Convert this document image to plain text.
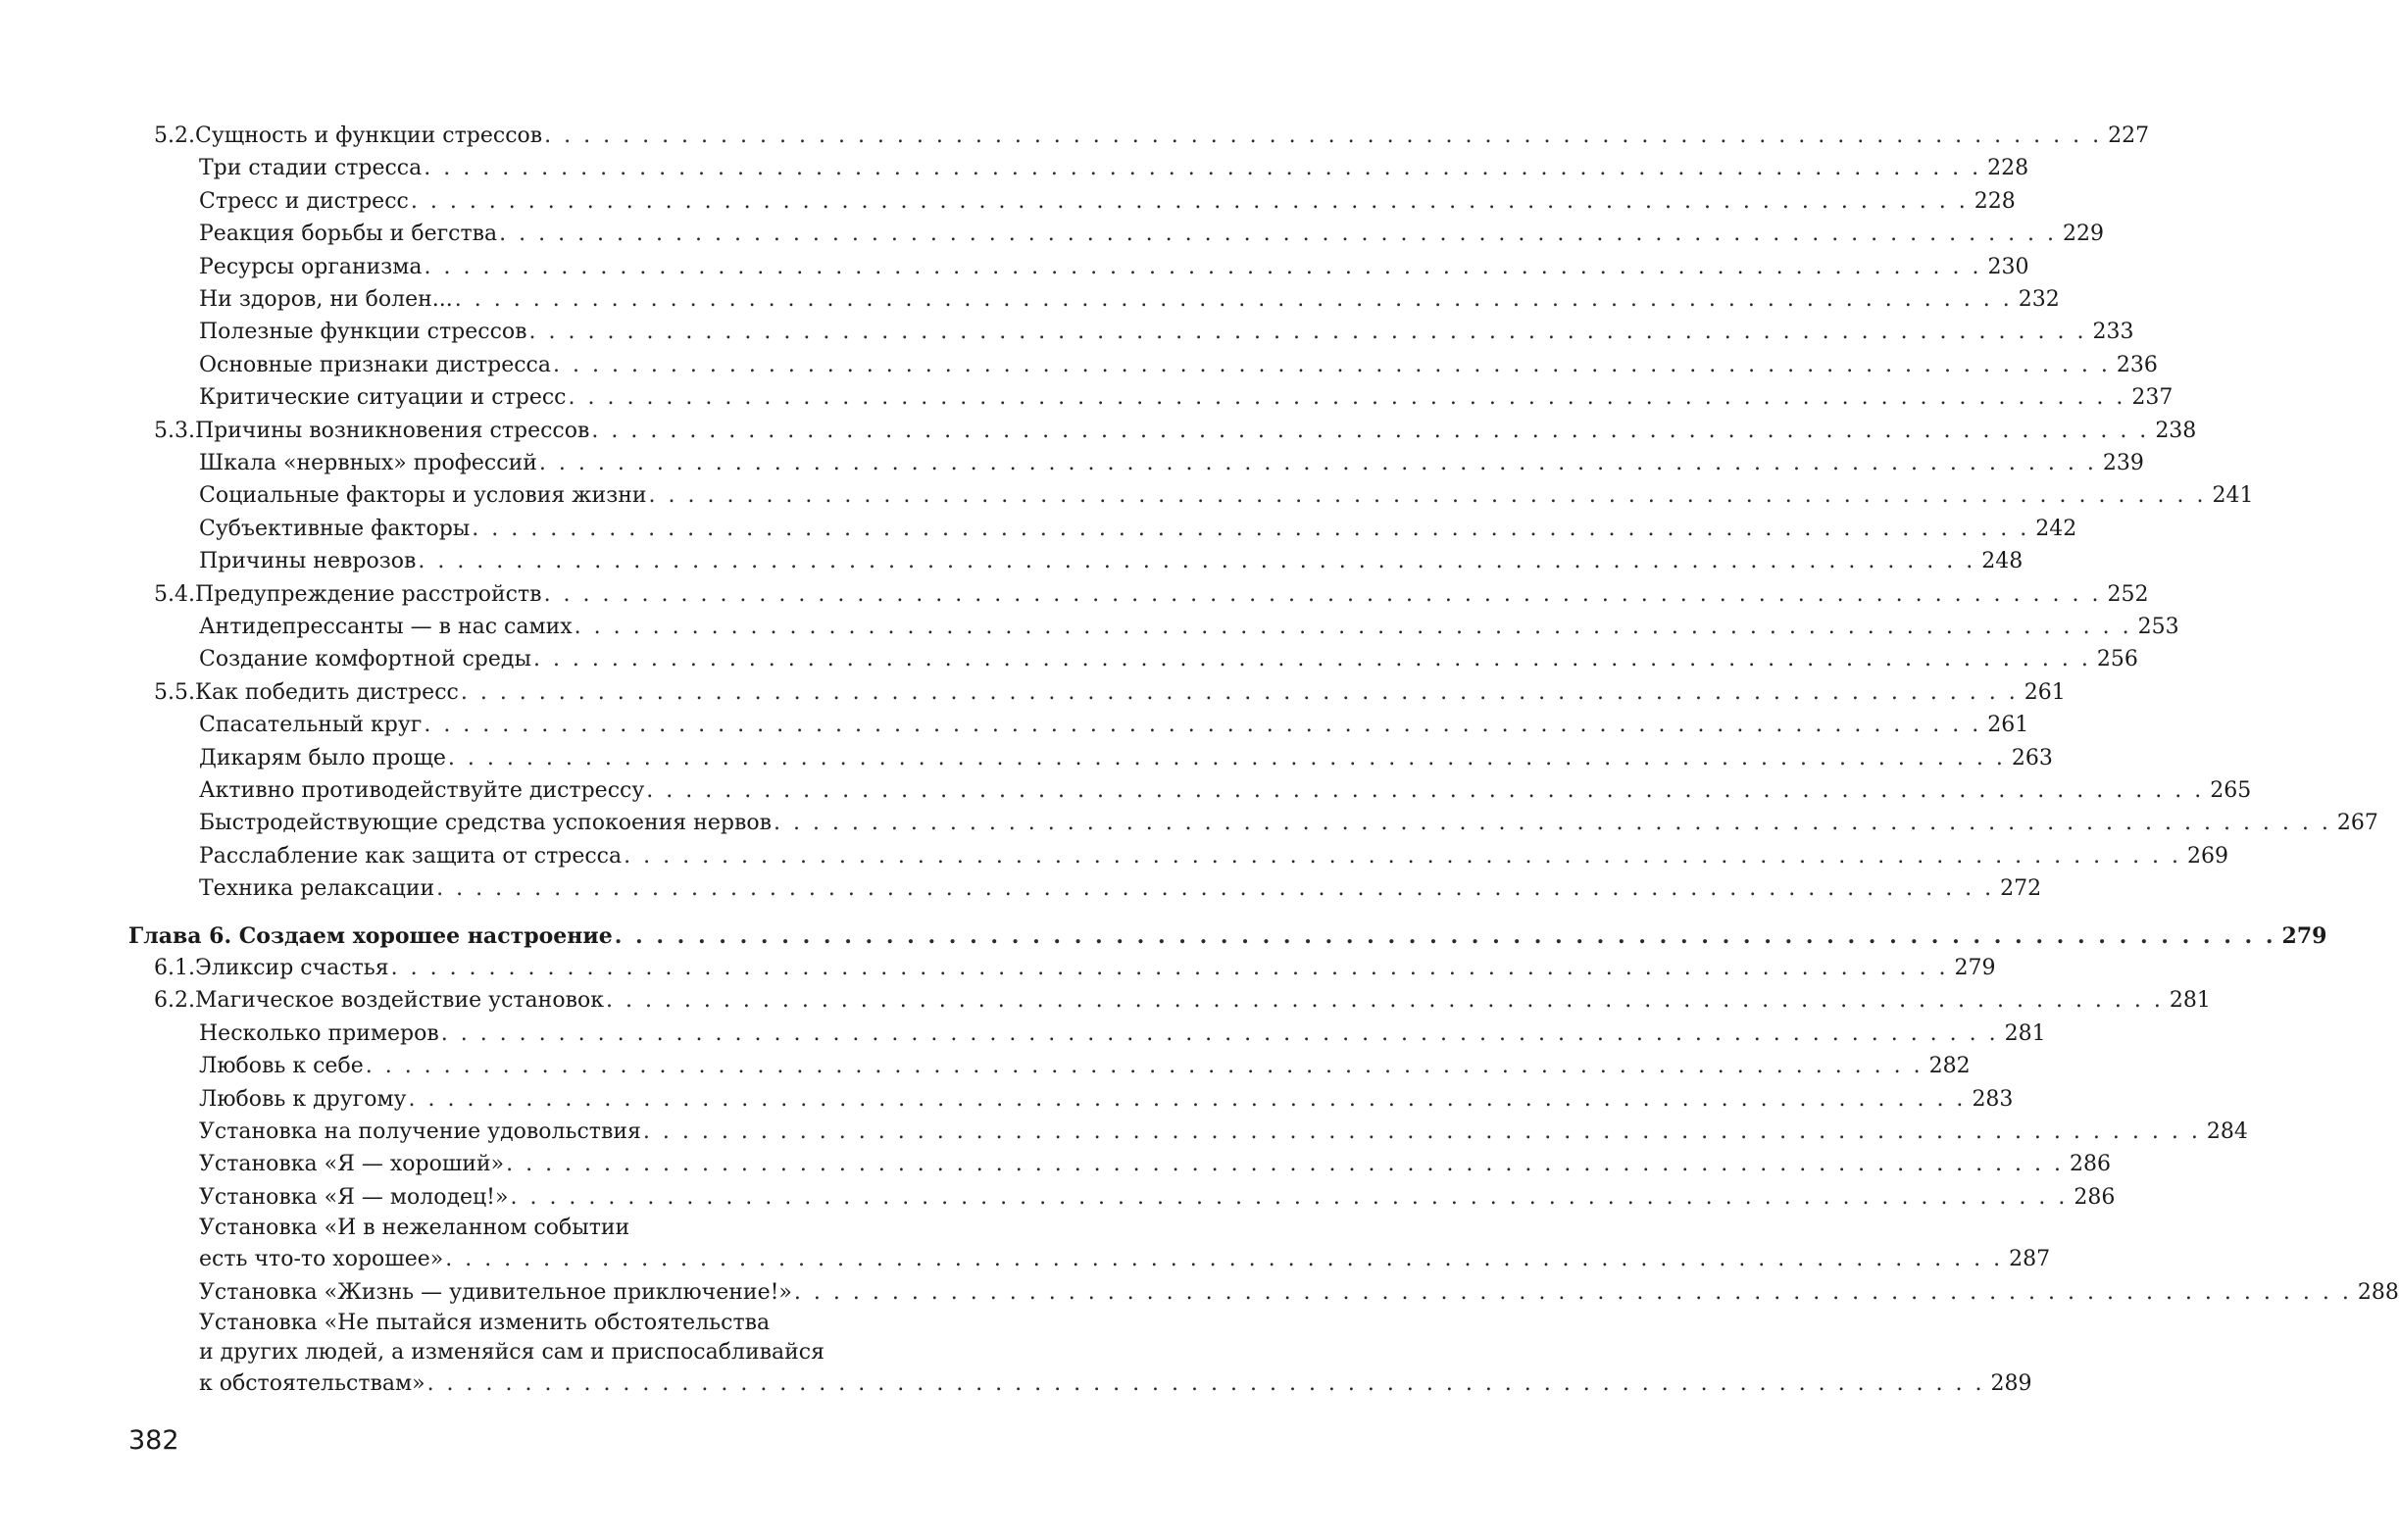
5.2. Сущность и функции стрессов . . . . . . . . . . . . . . . . . . . . . . . . . . . . . . . . . . . . . . . . . . . . . . . . . . . . . . . . . . . . . . . . . . . . . . . . . . . . . . . . 227
Три стадии стресса . . . . . . . . . . . . . . . . . . . . . . . . . . . . . . . . . . . . . . . . . . . . . . . . . . . . . . . . . . . . . . . . . . . . . . . . . . . . . . . . 228
Стресс и дистресс . . . . . . . . . . . . . . . . . . . . . . . . . . . . . . . . . . . . . . . . . . . . . . . . . . . . . . . . . . . . . . . . . . . . . . . . . . . . . . . . 228
Реакция борьбы и бегства . . . . . . . . . . . . . . . . . . . . . . . . . . . . . . . . . . . . . . . . . . . . . . . . . . . . . . . . . . . . . . . . . . . . . . . . . . . . . . . . 229
Ресурсы организма . . . . . . . . . . . . . . . . . . . . . . . . . . . . . . . . . . . . . . . . . . . . . . . . . . . . . . . . . . . . . . . . . . . . . . . . . . . . . . . . 230
Ни здоров, ни болен... . . . . . . . . . . . . . . . . . . . . . . . . . . . . . . . . . . . . . . . . . . . . . . . . . . . . . . . . . . . . . . . . . . . . . . . . . . . . . . . . 232
Полезные функции стрессов . . . . . . . . . . . . . . . . . . . . . . . . . . . . . . . . . . . . . . . . . . . . . . . . . . . . . . . . . . . . . . . . . . . . . . . . . . . . . . . . 233
Основные признаки дистресса . . . . . . . . . . . . . . . . . . . . . . . . . . . . . . . . . . . . . . . . . . . . . . . . . . . . . . . . . . . . . . . . . . . . . . . . . . . . . . . . 236
Критические ситуации и стресс . . . . . . . . . . . . . . . . . . . . . . . . . . . . . . . . . . . . . . . . . . . . . . . . . . . . . . . . . . . . . . . . . . . . . . . . . . . . . . . . 237
5.3. Причины возникновения стрессов . . . . . . . . . . . . . . . . . . . . . . . . . . . . . . . . . . . . . . . . . . . . . . . . . . . . . . . . . . . . . . . . . . . . . . . . . . . . . . . . 238
Шкала «нервных» профессий . . . . . . . . . . . . . . . . . . . . . . . . . . . . . . . . . . . . . . . . . . . . . . . . . . . . . . . . . . . . . . . . . . . . . . . . . . . . . . . . 239
Социальные факторы и условия жизни . . . . . . . . . . . . . . . . . . . . . . . . . . . . . . . . . . . . . . . . . . . . . . . . . . . . . . . . . . . . . . . . . . . . . . . . . . . . . . . . 241
Субъективные факторы . . . . . . . . . . . . . . . . . . . . . . . . . . . . . . . . . . . . . . . . . . . . . . . . . . . . . . . . . . . . . . . . . . . . . . . . . . . . . . . . 242
Причины неврозов . . . . . . . . . . . . . . . . . . . . . . . . . . . . . . . . . . . . . . . . . . . . . . . . . . . . . . . . . . . . . . . . . . . . . . . . . . . . . . . . 248
5.4. Предупреждение расстройств . . . . . . . . . . . . . . . . . . . . . . . . . . . . . . . . . . . . . . . . . . . . . . . . . . . . . . . . . . . . . . . . . . . . . . . . . . . . . . . . 252
Антидепрессанты — в нас самих . . . . . . . . . . . . . . . . . . . . . . . . . . . . . . . . . . . . . . . . . . . . . . . . . . . . . . . . . . . . . . . . . . . . . . . . . . . . . . . . 253
Создание комфортной среды . . . . . . . . . . . . . . . . . . . . . . . . . . . . . . . . . . . . . . . . . . . . . . . . . . . . . . . . . . . . . . . . . . . . . . . . . . . . . . . . 256
5.5. Как победить дистресс . . . . . . . . . . . . . . . . . . . . . . . . . . . . . . . . . . . . . . . . . . . . . . . . . . . . . . . . . . . . . . . . . . . . . . . . . . . . . . . . 261
Спасательный круг . . . . . . . . . . . . . . . . . . . . . . . . . . . . . . . . . . . . . . . . . . . . . . . . . . . . . . . . . . . . . . . . . . . . . . . . . . . . . . . . 261
Дикарям было проще . . . . . . . . . . . . . . . . . . . . . . . . . . . . . . . . . . . . . . . . . . . . . . . . . . . . . . . . . . . . . . . . . . . . . . . . . . . . . . . . 263
Активно противодействуйте дистрессу . . . . . . . . . . . . . . . . . . . . . . . . . . . . . . . . . . . . . . . . . . . . . . . . . . . . . . . . . . . . . . . . . . . . . . . . . . . . . . . . 265
Быстродействующие средства успокоения нервов . . . . . . . . . . . . . . . . . . . . . . . . . . . . . . . . . . . . . . . . . . . . . . . . . . . . . . . . . . . . . . . . . . . . . . . . . . . . . . . . 267
Расслабление как защита от стресса . . . . . . . . . . . . . . . . . . . . . . . . . . . . . . . . . . . . . . . . . . . . . . . . . . . . . . . . . . . . . . . . . . . . . . . . . . . . . . . . 269
Техника релаксации . . . . . . . . . . . . . . . . . . . . . . . . . . . . . . . . . . . . . . . . . . . . . . . . . . . . . . . . . . . . . . . . . . . . . . . . . . . . . . . . 272
Глава 6. Создаем хорошее настроение . . . . . . . . . . . . . . . . . . . . . . . . . . . . . . . . . . . . . . . . . . . . . . . . . . . . . . . . . . . . . . . . . . . . . . . . . . . . . . . . 279
6.1. Эликсир счастья . . . . . . . . . . . . . . . . . . . . . . . . . . . . . . . . . . . . . . . . . . . . . . . . . . . . . . . . . . . . . . . . . . . . . . . . . . . . . . . . 279
6.2. Магическое воздействие установок . . . . . . . . . . . . . . . . . . . . . . . . . . . . . . . . . . . . . . . . . . . . . . . . . . . . . . . . . . . . . . . . . . . . . . . . . . . . . . . . 281
Несколько примеров . . . . . . . . . . . . . . . . . . . . . . . . . . . . . . . . . . . . . . . . . . . . . . . . . . . . . . . . . . . . . . . . . . . . . . . . . . . . . . . . 281
Любовь к себе . . . . . . . . . . . . . . . . . . . . . . . . . . . . . . . . . . . . . . . . . . . . . . . . . . . . . . . . . . . . . . . . . . . . . . . . . . . . . . . . 282
Любовь к другому . . . . . . . . . . . . . . . . . . . . . . . . . . . . . . . . . . . . . . . . . . . . . . . . . . . . . . . . . . . . . . . . . . . . . . . . . . . . . . . . 283
Установка на получение удовольствия . . . . . . . . . . . . . . . . . . . . . . . . . . . . . . . . . . . . . . . . . . . . . . . . . . . . . . . . . . . . . . . . . . . . . . . . . . . . . . . . 284
Установка «Я — хороший» . . . . . . . . . . . . . . . . . . . . . . . . . . . . . . . . . . . . . . . . . . . . . . . . . . . . . . . . . . . . . . . . . . . . . . . . . . . . . . . . 286
Установка «Я — молодец!» . . . . . . . . . . . . . . . . . . . . . . . . . . . . . . . . . . . . . . . . . . . . . . . . . . . . . . . . . . . . . . . . . . . . . . . . . . . . . . . . 286
Установка «И в нежеланном событии
есть что-то хорошее» . . . . . . . . . . . . . . . . . . . . . . . . . . . . . . . . . . . . . . . . . . . . . . . . . . . . . . . . . . . . . . . . . . . . . . . . . . . . . . . . 287
Установка «Жизнь — удивительное приключение!» . . . . . . . . . . . . . . . . . . . . . . . . . . . . . . . . . . . . . . . . . . . . . . . . . . . . . . . . . . . . . . . . . . . . . . . . . . . . . . . . 288
Установка «Не пытайся изменить обстоятельства
и других людей, а изменяйся сам и приспосабливайся
к обстоятельствам» . . . . . . . . . . . . . . . . . . . . . . . . . . . . . . . . . . . . . . . . . . . . . . . . . . . . . . . . . . . . . . . . . . . . . . . . . . . . . . . . 289
382
